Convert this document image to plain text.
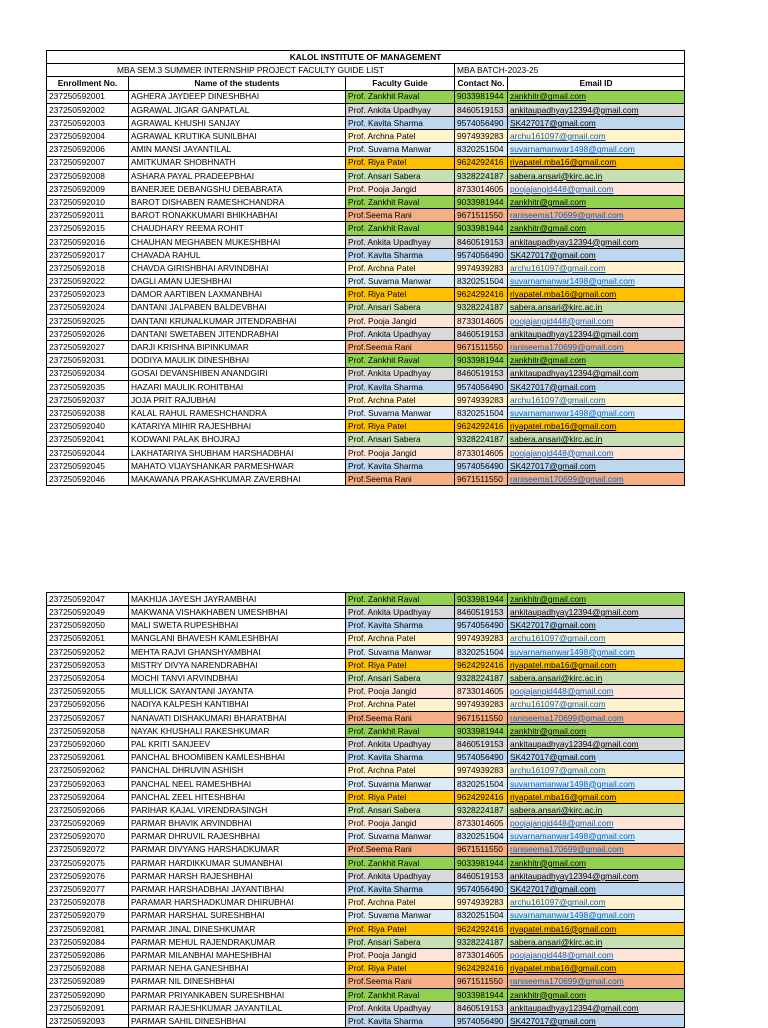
KALOL INSTITUTE OF MANAGEMENT				
MBA SEM.3 SUMMER INTERNSHIP PROJECT FACULTY GUIDE LIST			MBA BATCH-2023-25	
Enrollment No.	Name of the students	Faculty Guide	Contact No.	Email ID
237250592001	AGHERA JAYDEEP DINESHBHAI	Prof. Zankhit Raval	9033981944	zankhitr@gmail.com
237250592002	AGRAWAL JIGAR GANPATLAL	Prof. Ankita Upadhyay	8460519153	ankitaupadhyay12394@gmail.com
237250592003	AGRAWAL KHUSHI SANJAY	Prof. Kavita Sharma	9574056490	SK427017@gmail.com
237250592004	AGRAWAL KRUTIKA SUNILBHAI	Prof. Archna Patel	9974939283	archu161097@gmail.com
237250592006	AMIN MANSI JAYANTILAL	Prof. Suvarna Manwar	8320251504	suvarnamanwar1498@gmail.com
237250592007	AMITKUMAR SHOBHNATH	Prof. Riya Patel	9624292416	riyapatel.mba16@gmail.com
237250592008	ASHARA PAYAL PRADEEPBHAI	Prof. Ansari Sabera	9328224187	sabera.ansari@kirc.ac.in
237250592009	BANERJEE DEBANGSHU DEBABRATA	Prof. Pooja Jangid	8733014605	poojajangid448@gmail.com
237250592010	BAROT DISHABEN RAMESHCHANDRA	Prof. Zankhit Raval	9033981944	zankhitr@gmail.com
237250592011	BAROT RONAKKUMARI BHIKHABHAI	Prof.Seema Rani	9671511550	raniseema170699@gmail.com
237250592015	CHAUDHARY REEMA ROHIT	Prof. Zankhit Raval	9033981944	zankhitr@gmail.com
237250592016	CHAUHAN MEGHABEN MUKESHBHAI	Prof. Ankita Upadhyay	8460519153	ankitaupadhyay12394@gmail.com
237250592017	CHAVADA RAHUL	Prof. Kavita Sharma	9574056490	SK427017@gmail.com
237250592018	CHAVDA GIRISHBHAI ARVINDBHAI	Prof. Archna Patel	9974939283	archu161097@gmail.com
237250592022	DAGLI AMAN UJESHBHAI	Prof. Suvarna Manwar	8320251504	suvarnamanwar1498@gmail.com
237250592023	DAMOR AARTIBEN LAXMANBHAI	Prof. Riya Patel	9624292416	riyapatel.mba16@gmail.com
237250592024	DANTANI JALPABEN BALDEVBHAI	Prof. Ansari Sabera	9328224187	sabera.ansari@kirc.ac.in
237250592025	DANTANI KRUNALKUMAR JITENDRABHAI	Prof. Pooja Jangid	8733014605	poojajangid448@gmail.com
237250592026	DANTANI SWETABEN JITENDRABHAI	Prof. Ankita Upadhyay	8460519153	ankitaupadhyay12394@gmail.com
237250592027	DARJI KRISHNA BIPINKUMAR	Prof.Seema Rani	9671511550	raniseema170699@gmail.com
237250592031	DODIYA MAULIK DINESHBHAI	Prof. Zankhit Raval	9033981944	zankhitr@gmail.com
237250592034	GOSAI DEVANSHIBEN ANANDGIRI	Prof. Ankita Upadhyay	8460519153	ankitaupadhyay12394@gmail.com
237250592035	HAZARI MAULIK ROHITBHAI	Prof. Kavita Sharma	9574056490	SK427017@gmail.com
237250592037	JOJA PRIT RAJUBHAI	Prof. Archna Patel	9974939283	archu161097@gmail.com
237250592038	KALAL RAHUL RAMESHCHANDRA	Prof. Suvarna Manwar	8320251504	suvarnamanwar1498@gmail.com
237250592040	KATARIYA MIHIR RAJESHBHAI	Prof. Riya Patel	9624292416	riyapatel.mba16@gmail.com
237250592041	KODWANI PALAK BHOJRAJ	Prof. Ansari Sabera	9328224187	sabera.ansari@kirc.ac.in
237250592044	LAKHATARIYA SHUBHAM HARSHADBHAI	Prof. Pooja Jangid	8733014605	poojajangid448@gmail.com
237250592045	MAHATO VIJAYSHANKAR PARMESHWAR	Prof. Kavita Sharma	9574056490	SK427017@gmail.com
237250592046	MAKAWANA PRAKASHKUMAR ZAVERBHAI	Prof.Seema Rani	9671511550	raniseema170699@gmail.com
237250592047	MAKHIJA JAYESH JAYRAMBHAI	Prof. Zankhit Raval	9033981944	zankhitr@gmail.com
237250592049	MAKWANA VISHAKHABEN UMESHBHAI	Prof. Ankita Upadhyay	8460519153	ankitaupadhyay12394@gmail.com
237250592050	MALI SWETA RUPESHBHAI	Prof. Kavita Sharma	9574056490	SK427017@gmail.com
237250592051	MANGLANI BHAVESH KAMLESHBHAI	Prof. Archna Patel	9974939283	archu161097@gmail.com
237250592052	MEHTA RAJVI GHANSHYAMBHAI	Prof. Suvarna Manwar	8320251504	suvarnamanwar1498@gmail.com
237250592053	MISTRY DIVYA NARENDRABHAI	Prof. Riya Patel	9624292416	riyapatel.mba16@gmail.com
237250592054	MOCHI TANVI ARVINDBHAI	Prof. Ansari Sabera	9328224187	sabera.ansari@kirc.ac.in
237250592055	MULLICK SAYANTANI JAYANTA	Prof. Pooja Jangid	8733014605	poojajangid448@gmail.com
237250592056	NADIYA KALPESH KANTIBHAI	Prof. Archna Patel	9974939283	archu161097@gmail.com
237250592057	NANAVATI DISHAKUMARI BHARATBHAI	Prof.Seema Rani	9671511550	raniseema170699@gmail.com
237250592058	NAYAK KHUSHALI RAKESHKUMAR	Prof. Zankhit Raval	9033981944	zankhitr@gmail.com
237250592060	PAL KRITI SANJEEV	Prof. Ankita Upadhyay	8460519153	ankitaupadhyay12394@gmail.com
237250592061	PANCHAL BHOOMIBEN KAMLESHBHAI	Prof. Kavita Sharma	9574056490	SK427017@gmail.com
237250592062	PANCHAL DHRUVIN ASHISH	Prof. Archna Patel	9974939283	archu161097@gmail.com
237250592063	PANCHAL NEEL RAMESHBHAI	Prof. Suvarna Manwar	8320251504	suvarnamanwar1498@gmail.com
237250592064	PANCHAL ZEEL HITESHBHAI	Prof. Riya Patel	9624292416	riyapatel.mba16@gmail.com
237250592066	PARIHAR KAJAL VIRENDRASINGH	Prof. Ansari Sabera	9328224187	sabera.ansari@kirc.ac.in
237250592069	PARMAR BHAVIK ARVINDBHAI	Prof. Pooja Jangid	8733014605	poojajangid448@gmail.com
237250592070	PARMAR DHRUVIL RAJESHBHAI	Prof. Suvarna Manwar	8320251504	suvarnamanwar1498@gmail.com
237250592072	PARMAR DIVYANG HARSHADKUMAR	Prof.Seema Rani	9671511550	raniseema170699@gmail.com
237250592075	PARMAR HARDIKKUMAR SUMANBHAI	Prof. Zankhit Raval	9033981944	zankhitr@gmail.com
237250592076	PARMAR HARSH RAJESHBHAI	Prof. Ankita Upadhyay	8460519153	ankitaupadhyay12394@gmail.com
237250592077	PARMAR HARSHADBHAI JAYANTIBHAI	Prof. Kavita Sharma	9574056490	SK427017@gmail.com
237250592078	PARAMAR HARSHADKUMAR DHIRUBHAI	Prof. Archna Patel	9974939283	archu161097@gmail.com
237250592079	PARMAR HARSHAL SURESHBHAI	Prof. Suvarna Manwar	8320251504	suvarnamanwar1498@gmail.com
237250592081	PARMAR JINAL DINESHKUMAR	Prof. Riya Patel	9624292416	riyapatel.mba16@gmail.com
237250592084	PARMAR MEHUL RAJENDRAKUMAR	Prof. Ansari Sabera	9328224187	sabera.ansari@kirc.ac.in
237250592086	PARMAR MILANBHAI MAHESHBHAI	Prof. Pooja Jangid	8733014605	poojajangid448@gmail.com
237250592088	PARMAR NEHA GANESHBHAI	Prof. Riya Patel	9624292416	riyapatel.mba16@gmail.com
237250592089	PARMAR NIL DINESHBHAI	Prof.Seema Rani	9671511550	raniseema170699@gmail.com
237250592090	PARMAR PRIYANKABEN SURESHBHAI	Prof. Zankhit Raval	9033981944	zankhitr@gmail.com
237250592091	PARMAR RAJESHKUMAR JAYANTILAL	Prof. Ankita Upadhyay	8460519153	ankitaupadhyay12394@gmail.com
237250592093	PARMAR SAHIL DINESHBHAI	Prof. Kavita Sharma	9574056490	SK427017@gmail.com
